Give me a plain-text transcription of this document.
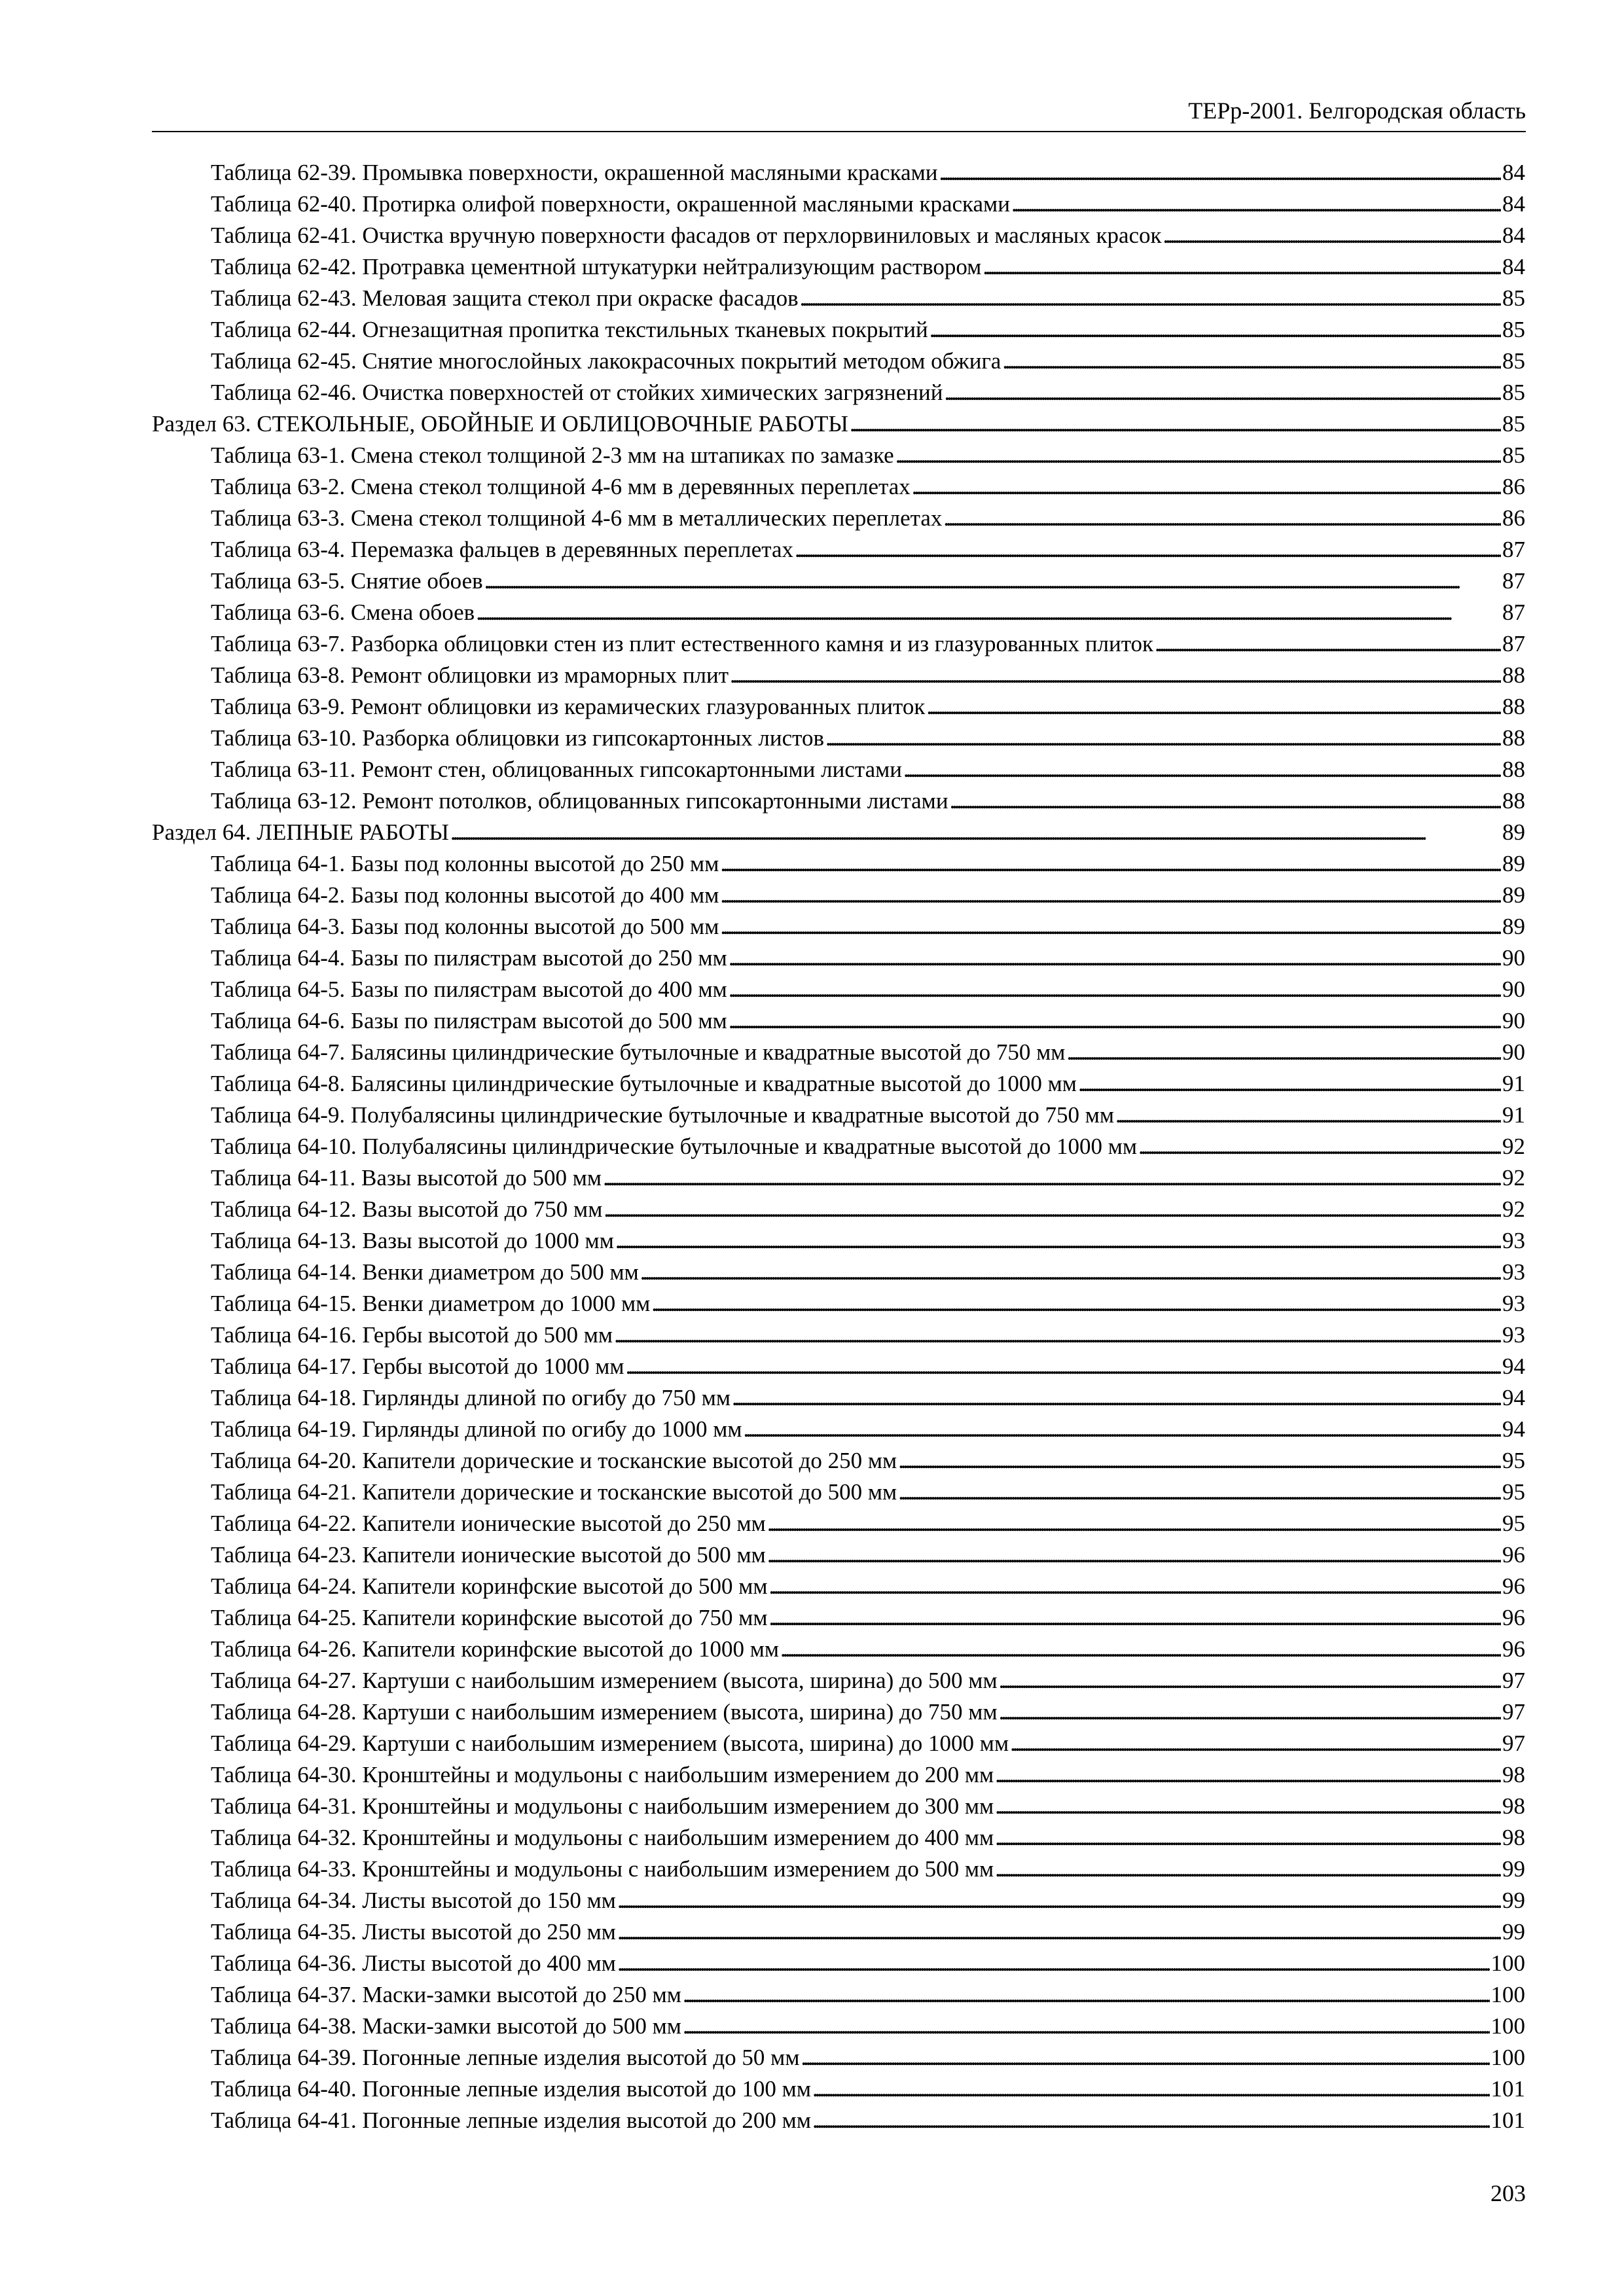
ТЕРр-2001. Белгородская область
Таблица 62-39. Промывка поверхности, окрашенной масляными красками . . .	84
Таблица 62-40. Протирка олифой поверхности, окрашенной масляными красками . . .	84
Таблица 62-41. Очистка вручную поверхности фасадов от перхлорвиниловых и масляных красок . . .	84
Таблица 62-42. Протравка цементной штукатурки нейтрализующим раствором . . .	84
Таблица 62-43. Меловая защита стекол при окраске фасадов . . .	85
Таблица 62-44. Огнезащитная пропитка текстильных тканевых покрытий . . .	85
Таблица 62-45. Снятие многослойных лакокрасочных покрытий методом обжига . . .	85
Таблица 62-46. Очистка поверхностей от стойких химических загрязнений . . .	85
Раздел 63. СТЕКОЛЬНЫЕ, ОБОЙНЫЕ И ОБЛИЦОВОЧНЫЕ РАБОТЫ . . .	85
Таблица 63-1. Смена стекол толщиной 2-3 мм на штапиках по замазке . . .	85
Таблица 63-2. Смена стекол толщиной 4-6 мм в деревянных переплетах . . .	86
Таблица 63-3. Смена стекол толщиной 4-6 мм в металлических переплетах . . .	86
Таблица 63-4. Перемазка фальцев в деревянных переплетах . . .	87
Таблица 63-5. Снятие обоев . . .	87
Таблица 63-6. Смена обоев . . .	87
Таблица 63-7. Разборка облицовки стен из плит естественного камня и из глазурованных плиток . . .	87
Таблица 63-8. Ремонт облицовки из мраморных плит . . .	88
Таблица 63-9. Ремонт облицовки из керамических глазурованных плиток . . .	88
Таблица 63-10. Разборка облицовки из гипсокартонных листов . . .	88
Таблица 63-11. Ремонт стен, облицованных гипсокартонными листами . . .	88
Таблица 63-12. Ремонт потолков, облицованных гипсокартонными листами . . .	88
Раздел 64. ЛЕПНЫЕ РАБОТЫ . . .	89
Таблица 64-1. Базы под колонны высотой до 250 мм . . .	89
Таблица 64-2. Базы под колонны высотой до 400 мм . . .	89
Таблица 64-3. Базы под колонны высотой до 500 мм . . .	89
Таблица 64-4. Базы по пилястрам высотой до 250 мм . . .	90
Таблица 64-5. Базы по пилястрам высотой до 400 мм . . .	90
Таблица 64-6. Базы по пилястрам высотой до 500 мм . . .	90
Таблица 64-7. Балясины цилиндрические бутылочные и квадратные высотой до 750 мм . . .	90
Таблица 64-8. Балясины цилиндрические бутылочные и квадратные высотой до 1000 мм . . .	91
Таблица 64-9. Полубалясины цилиндрические бутылочные и квадратные высотой до 750 мм . . .	91
Таблица 64-10. Полубалясины цилиндрические бутылочные и квадратные высотой до 1000 мм . . .	92
Таблица 64-11. Вазы высотой до 500 мм . . .	92
Таблица 64-12. Вазы высотой до 750 мм . . .	92
Таблица 64-13. Вазы высотой до 1000 мм . . .	93
Таблица 64-14. Венки диаметром до 500 мм . . .	93
Таблица 64-15. Венки диаметром до 1000 мм . . .	93
Таблица 64-16. Гербы высотой до 500 мм . . .	93
Таблица 64-17. Гербы высотой до 1000 мм . . .	94
Таблица 64-18. Гирлянды длиной по огибу до 750 мм . . .	94
Таблица 64-19. Гирлянды длиной по огибу до 1000 мм . . .	94
Таблица 64-20. Капители дорические и тосканские высотой до 250 мм . . .	95
Таблица 64-21. Капители дорические и тосканские высотой до 500 мм . . .	95
Таблица 64-22. Капители ионические высотой до 250 мм . . .	95
Таблица 64-23. Капители ионические высотой до 500 мм . . .	96
Таблица 64-24. Капители коринфские высотой до 500 мм . . .	96
Таблица 64-25. Капители коринфские высотой до 750 мм . . .	96
Таблица 64-26. Капители коринфские высотой до 1000 мм . . .	96
Таблица 64-27. Картуши с наибольшим измерением (высота, ширина) до 500 мм . . .	97
Таблица 64-28. Картуши с наибольшим измерением (высота, ширина) до 750 мм . . .	97
Таблица 64-29. Картуши с наибольшим измерением (высота, ширина) до 1000 мм . . .	97
Таблица 64-30. Кронштейны и модульоны с наибольшим измерением до 200 мм . . .	98
Таблица 64-31. Кронштейны и модульоны с наибольшим измерением до 300 мм . . .	98
Таблица 64-32. Кронштейны и модульоны с наибольшим измерением до 400 мм . . .	98
Таблица 64-33. Кронштейны и модульоны с наибольшим измерением до 500 мм . . .	99
Таблица 64-34. Листы высотой до 150 мм . . .	99
Таблица 64-35. Листы высотой до 250 мм . . .	99
Таблица 64-36. Листы высотой до 400 мм . . .	100
Таблица 64-37. Маски-замки высотой до 250 мм . . .	100
Таблица 64-38. Маски-замки высотой до 500 мм . . .	100
Таблица 64-39. Погонные лепные изделия высотой до 50 мм . . .	100
Таблица 64-40. Погонные лепные изделия высотой до 100 мм . . .	101
Таблица 64-41. Погонные лепные изделия высотой до 200 мм . . .	101
203
